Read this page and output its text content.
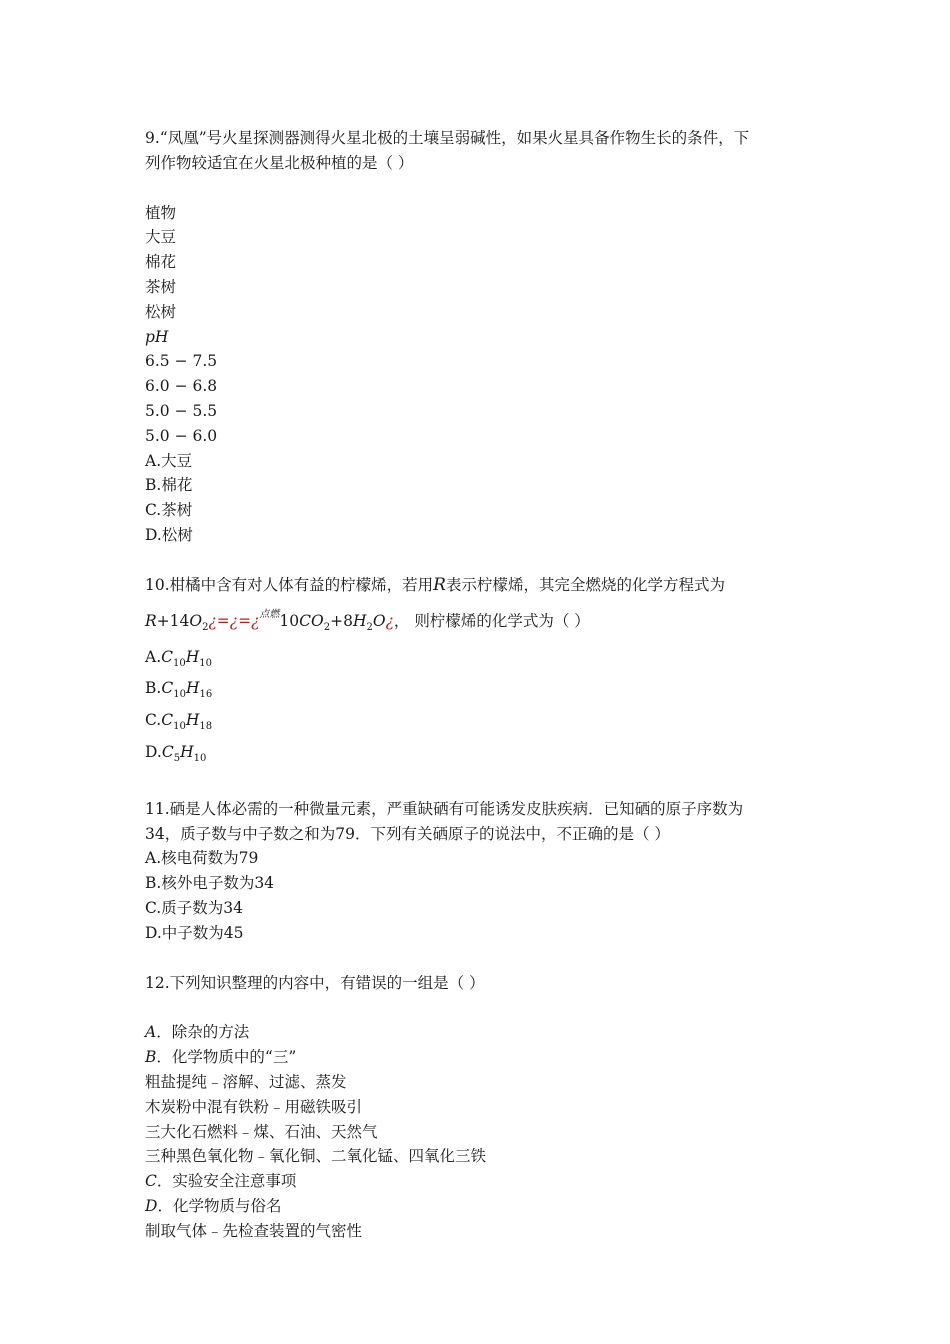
9.“凤凰”号火星探测器测得火星北极的土壤呈弱碱性，如果火星具备作物生长的条件，下
列作物较适宜在火星北极种植的是（ ）
植物
大豆
棉花
茶树
松树
pH
6.5 − 7.5
6.0 − 6.8
5.0 − 5.5
5.0 − 6.0
A.大豆
B.棉花
C.茶树
D.松树
10.柑橘中含有对人体有益的柠檬烯，若用R表示柠檬烯，其完全燃烧的化学方程式为
$R+14O_2¿=¿=¿^{点燃}10CO_2+8H_2O¿$， 则柠檬烯的化学式为（ ）
$A.C_{10}H_{10}$
$B.C_{10}H_{16}$
$C.C_{10}H_{18}$
$D.C_5H_{10}$
11.硒是人体必需的一种微量元素，严重缺硒有可能诱发皮肤疾病．已知硒的原子序数为
34，质子数与中子数之和为79．下列有关硒原子的说法中，不正确的是（ ）
A.核电荷数为79
B.核外电子数为34
C.质子数为34
D.中子数为45
12.下列知识整理的内容中，有错误的一组是（ ）
A．除杂的方法
B．化学物质中的“三”
粗盐提纯﹣溶解、过滤、蒸发
木炭粉中混有铁粉﹣用磁铁吸引
三大化石燃料﹣煤、石油、天然气
三种黑色氧化物﹣氧化铜、二氧化锰、四氧化三铁
C．实验安全注意事项
D．化学物质与俗名
制取气体﹣先检查装置的气密性
